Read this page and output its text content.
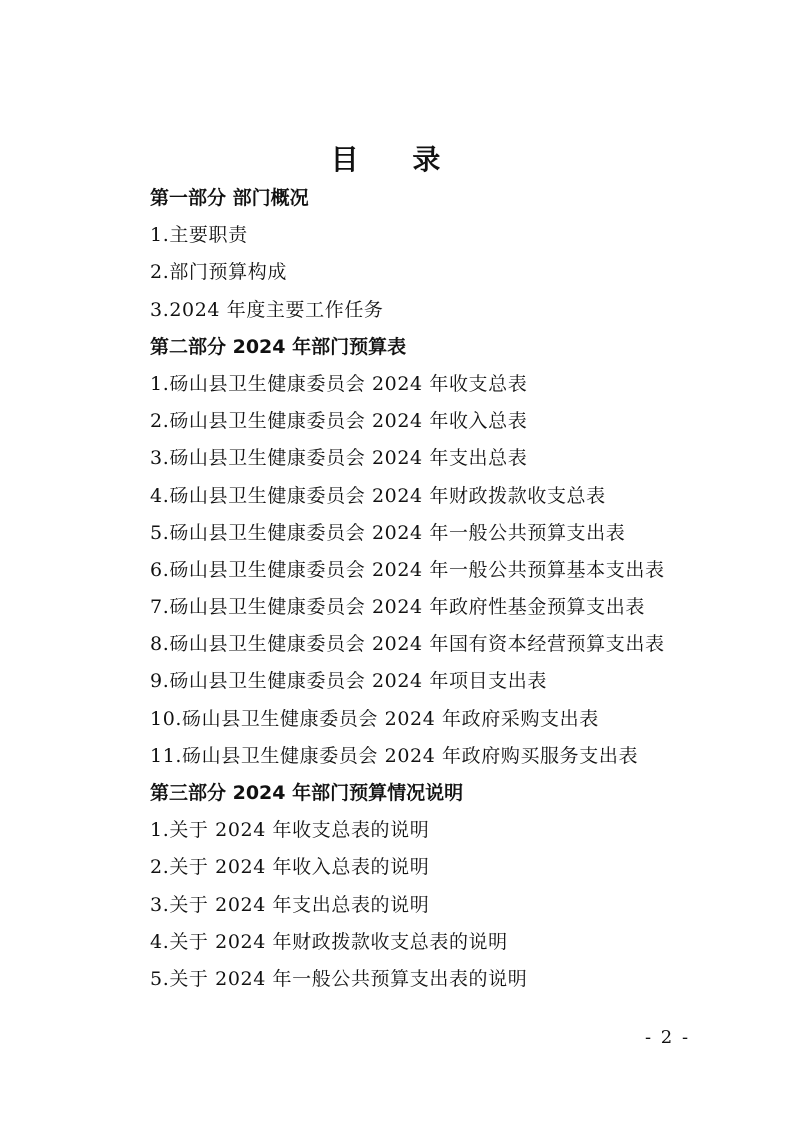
目 录
第一部分 部门概况
1.主要职责
2.部门预算构成
3.2024 年度主要工作任务
第二部分 2024 年部门预算表
1.砀山县卫生健康委员会 2024 年收支总表
2.砀山县卫生健康委员会 2024 年收入总表
3.砀山县卫生健康委员会 2024 年支出总表
4.砀山县卫生健康委员会 2024 年财政拨款收支总表
5.砀山县卫生健康委员会 2024 年一般公共预算支出表
6.砀山县卫生健康委员会 2024 年一般公共预算基本支出表
7.砀山县卫生健康委员会 2024 年政府性基金预算支出表
8.砀山县卫生健康委员会 2024 年国有资本经营预算支出表
9.砀山县卫生健康委员会 2024 年项目支出表
10.砀山县卫生健康委员会 2024 年政府采购支出表
11.砀山县卫生健康委员会 2024 年政府购买服务支出表
第三部分 2024 年部门预算情况说明
1.关于 2024 年收支总表的说明
2.关于 2024 年收入总表的说明
3.关于 2024 年支出总表的说明
4.关于 2024 年财政拨款收支总表的说明
5.关于 2024 年一般公共预算支出表的说明
- 2 -
